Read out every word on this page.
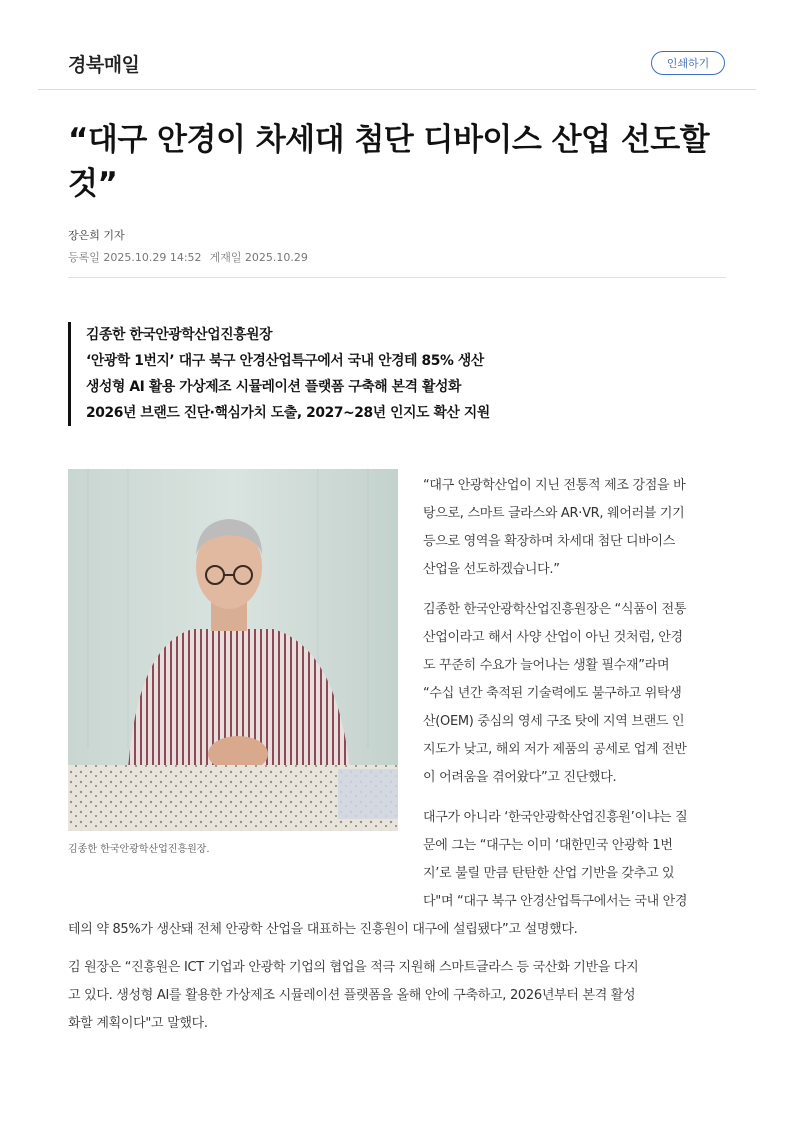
경북매일	인쇄하기
“대구 안경이 차세대 첨단 디바이스 산업 선도할
것”
장은희 기자
등록일 2025.10.29 14:52 게재일 2025.10.29
김종한 한국안광학산업진흥원장
‘안광학 1번지’ 대구 북구 안경산업특구에서 국내 안경테 85% 생산
생성형 AI 활용 가상제조 시뮬레이션 플랫폼 구축해 본격 활성화
2026년 브랜드 진단·핵심가치 도출, 2027~28년 인지도 확산 지원
김종한 한국안광학산업진흥원장.
“대구 안광학산업이 지닌 전통적 제조 강점을 바
탕으로, 스마트 글라스와 AR·VR, 웨어러블 기기
등으로 영역을 확장하며 차세대 첨단 디바이스
산업을 선도하겠습니다.”
김종한 한국안광학산업진흥원장은 “식품이 전통
산업이라고 해서 사양 산업이 아닌 것처럼, 안경
도 꾸준히 수요가 늘어나는 생활 필수재”라며
“수십 년간 축적된 기술력에도 불구하고 위탁생
산(OEM) 중심의 영세 구조 탓에 지역 브랜드 인
지도가 낮고, 해외 저가 제품의 공세로 업계 전반
이 어려움을 겪어왔다”고 진단했다.
대구가 아니라 ‘한국안광학산업진흥원’이냐는 질
문에 그는 “대구는 이미 ‘대한민국 안광학 1번
지’로 불릴 만큼 탄탄한 산업 기반을 갖추고 있
다"며 “대구 북구 안경산업특구에서는 국내 안경
테의 약 85%가 생산돼 전체 안광학 산업을 대표하는 진흥원이 대구에 설립됐다”고 설명했다.
김 원장은 “진흥원은 ICT 기업과 안광학 기업의 협업을 적극 지원해 스마트글라스 등 국산화 기반을 다지
고 있다. 생성형 AI를 활용한 가상제조 시뮬레이션 플랫폼을 올해 안에 구축하고, 2026년부터 본격 활성
화할 계획이다"고 말했다.
